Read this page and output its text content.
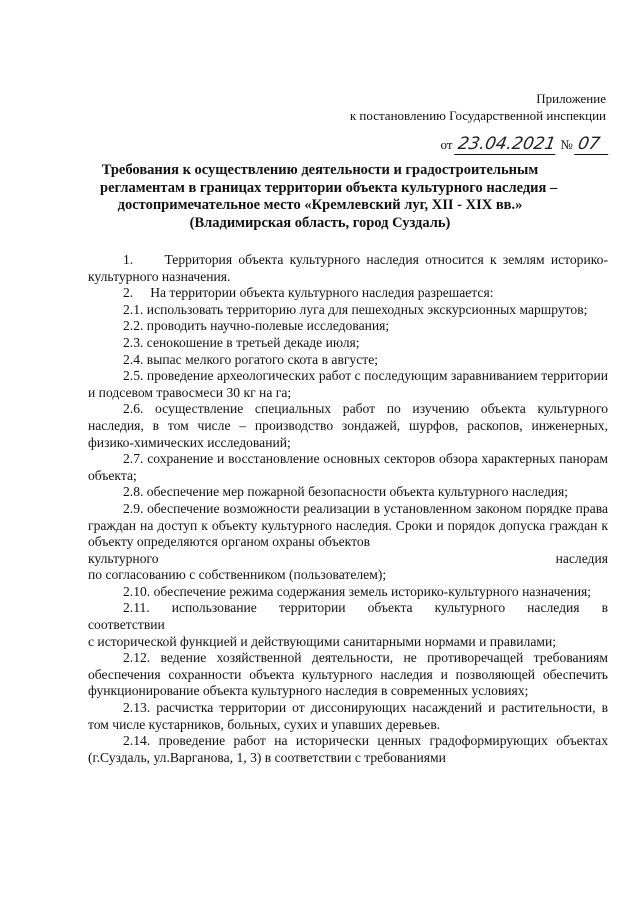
Приложение
к постановлению Государственной инспекции
от 23.04.2021 № 07
Требования к осуществлению деятельности и градостроительным
регламентам в границах территории объекта культурного наследия –
достопримечательное место «Кремлевский луг, XII - XIX вв.»
(Владимирская область, город Суздаль)

1.     Территория объекта культурного наследия относится к землям историко-культурного назначения.

2.     На территории объекта культурного наследия разрешается:

2.1. использовать территорию луга для пешеходных экскурсионных маршрутов;

2.2. проводить научно-полевые исследования;

2.3. сенокошение в третьей декаде июля;

2.4. выпас мелкого рогатого скота в августе;

2.5. проведение археологических работ с последующим заравниванием территории и подсевом травосмеси 30 кг на га;

2.6. осуществление специальных работ по изучению объекта культурного наследия, в том числе – производство зондажей, шурфов, раскопов, инженерных, физико-химических исследований;

2.7. сохранение и восстановление основных секторов обзора характерных панорам объекта;

2.8. обеспечение мер пожарной безопасности объекта культурного наследия;

2.9. обеспечение возможности реализации в установленном законом порядке права граждан на доступ к объекту культурного наследия. Сроки и порядок допуска граждан к объекту определяются органом охраны объектов

культурного	наследия

по согласованию с собственником (пользователем);

2.10. обеспечение режима содержания земель историко-культурного назначения;

2.11. использование территории объекта культурного наследия в

соответствии

с исторической функцией и действующими санитарными нормами и правилами;

2.12. ведение хозяйственной деятельности, не противоречащей требованиям обеспечения сохранности объекта культурного наследия и позволяющей обеспечить функционирование объекта культурного наследия в современных условиях;

2.13. расчистка территории от диссонирующих насаждений и растительности, в том числе кустарников, больных, сухих и упавших деревьев.

2.14. проведение работ на исторически ценных градоформирующих объектах (г.Суздаль, ул.Варганова, 1, 3) в соответствии с требованиями
